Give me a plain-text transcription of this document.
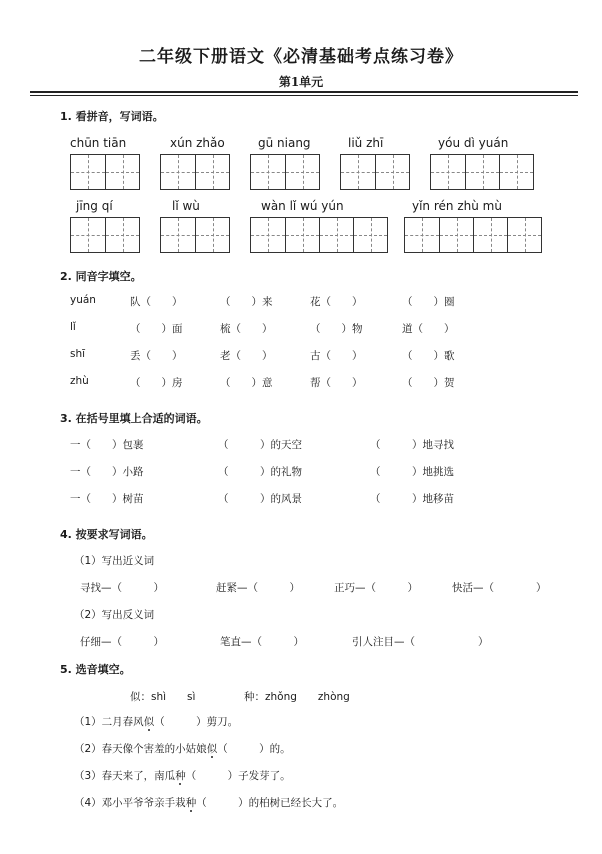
二年级下册语文《必清基础考点练习卷》
第1单元
1. 看拼音，写词语。
chūn tiān	xún zhǎo	gū niang	liǔ zhī	yóu dì yuán
jīng qí	lǐ wù	wàn lǐ wú yún	yǐn rén zhù mù
2. 同音字填空。
yuán	队（　　）	（　　）来	花（　　）	（　　）圈
lǐ	（　　）面	梳（　　）	（　　）物	道（　　）
shī	丢（　　）	老（　　）	古（　　）	（　　）歌
zhù	（　　）房	（　　）意	帮（　　）	（　　）贺
3. 在括号里填上合适的词语。
一（　　）包裹	（　　　）的天空	（　　　）地寻找
一（　　）小路	（　　　）的礼物	（　　　）地挑选
一（　　）树苗	（　　　）的风景	（　　　）地移苗
4. 按要求写词语。
（1）写出近义词
寻找—（　　　）	赶紧—（　　　）	正巧—（　　　）	快活—（　　　　）
（2）写出反义词
仔细—（　　　）	笔直—（　　　）	引人注目—（　　　　　　）
5. 选音填空。
似：shì　　sì	种：zhǒng　　zhòng
（1）二月春风似（　　　）剪刀。
（2）春天像个害羞的小姑娘似（　　　）的。
（3）春天来了，南瓜种（　　　）子发芽了。
（4）邓小平爷爷亲手栽种（　　　）的柏树已经长大了。
